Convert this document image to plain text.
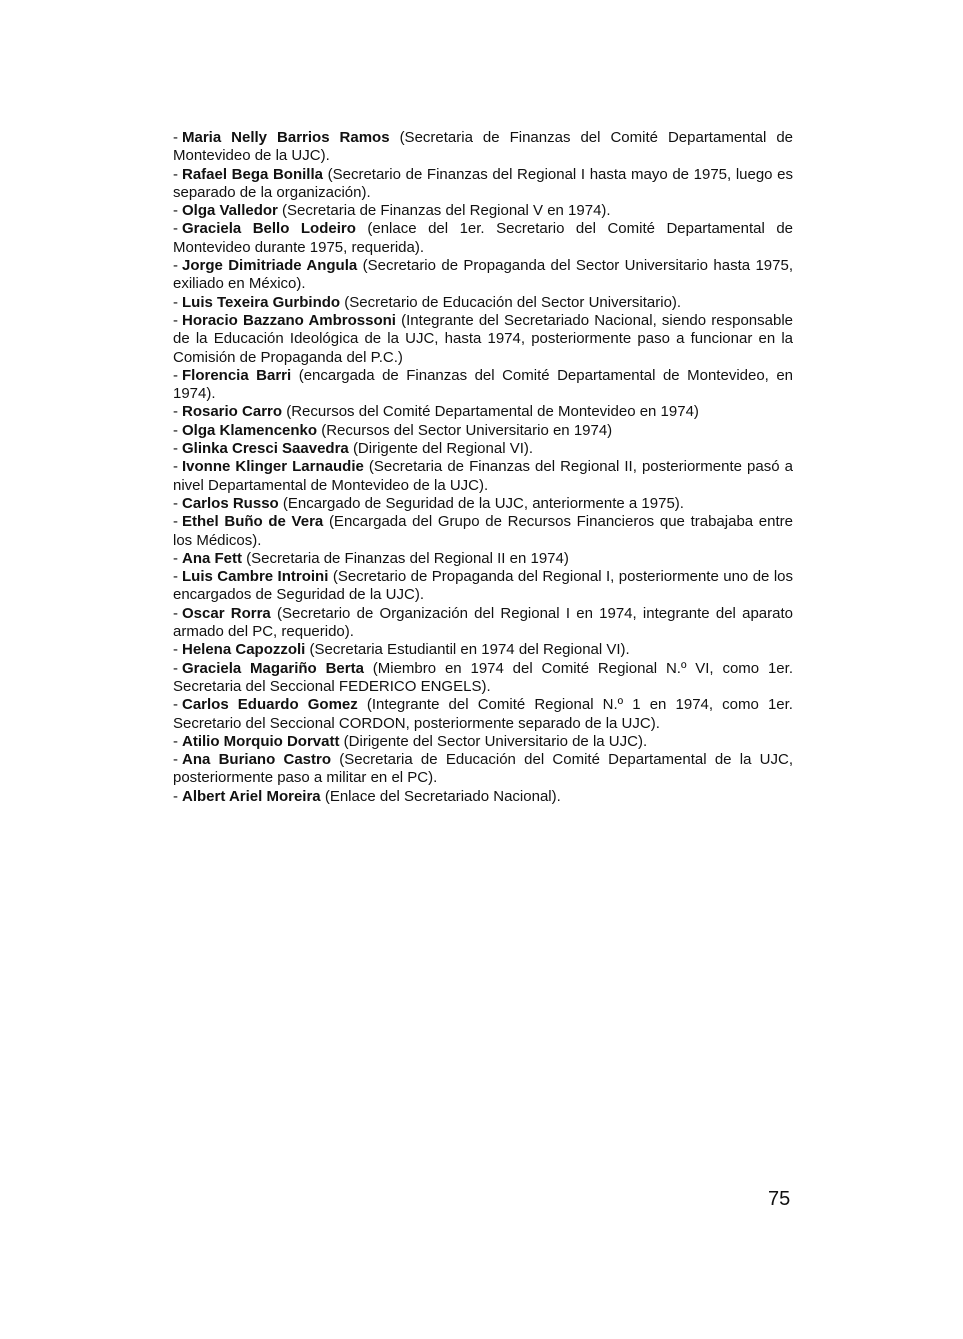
- Maria Nelly Barrios Ramos (Secretaria de Finanzas del Comité Departamental de Montevideo de la UJC).
- Rafael Bega Bonilla (Secretario de Finanzas del Regional I hasta mayo de 1975, luego es separado de la organización).
- Olga Valledor (Secretaria de Finanzas del Regional V en 1974).
- Graciela Bello Lodeiro (enlace del 1er. Secretario del Comité Departamental de Montevideo durante 1975, requerida).
- Jorge Dimitriade Angula (Secretario de Propaganda del Sector Universitario hasta 1975, exiliado en México).
- Luis Texeira Gurbindo (Secretario de Educación del Sector Universitario).
- Horacio Bazzano Ambrossoni (Integrante del Secretariado Nacional, siendo responsable de la Educación Ideológica de la UJC, hasta 1974, posteriormente paso a funcionar en la Comisión de Propaganda del P.C.)
- Florencia Barri (encargada de Finanzas del Comité Departamental de Montevideo, en 1974).
- Rosario Carro (Recursos del Comité Departamental de Montevideo en 1974)
- Olga Klamencenko (Recursos del Sector Universitario en 1974)
- Glinka Cresci Saavedra (Dirigente del Regional VI).
- Ivonne Klinger Larnaudie (Secretaria de Finanzas del Regional II, posteriormente pasó a nivel Departamental de Montevideo de la UJC).
- Carlos Russo (Encargado de Seguridad de la UJC, anteriormente a 1975).
- Ethel Buño de Vera (Encargada del Grupo de Recursos Financieros que trabajaba entre los Médicos).
- Ana Fett (Secretaria de Finanzas del Regional II en 1974)
- Luis Cambre Introini (Secretario de Propaganda del Regional I, posteriormente uno de los encargados de Seguridad de la UJC).
- Oscar Rorra (Secretario de Organización del Regional I en 1974, integrante del aparato armado del PC, requerido).
- Helena Capozzoli (Secretaria Estudiantil en 1974 del Regional VI).
- Graciela Magariño Berta (Miembro en 1974 del Comité Regional N.º VI, como 1er. Secretaria del Seccional FEDERICO ENGELS).
- Carlos Eduardo Gomez (Integrante del Comité Regional N.º 1 en 1974, como 1er. Secretario del Seccional CORDON, posteriormente separado de la UJC).
- Atilio Morquio Dorvatt (Dirigente del Sector Universitario de la UJC).
- Ana Buriano Castro (Secretaria de Educación del Comité Departamental de la UJC, posteriormente paso a militar en el PC).
- Albert Ariel Moreira (Enlace del Secretariado Nacional).
75
